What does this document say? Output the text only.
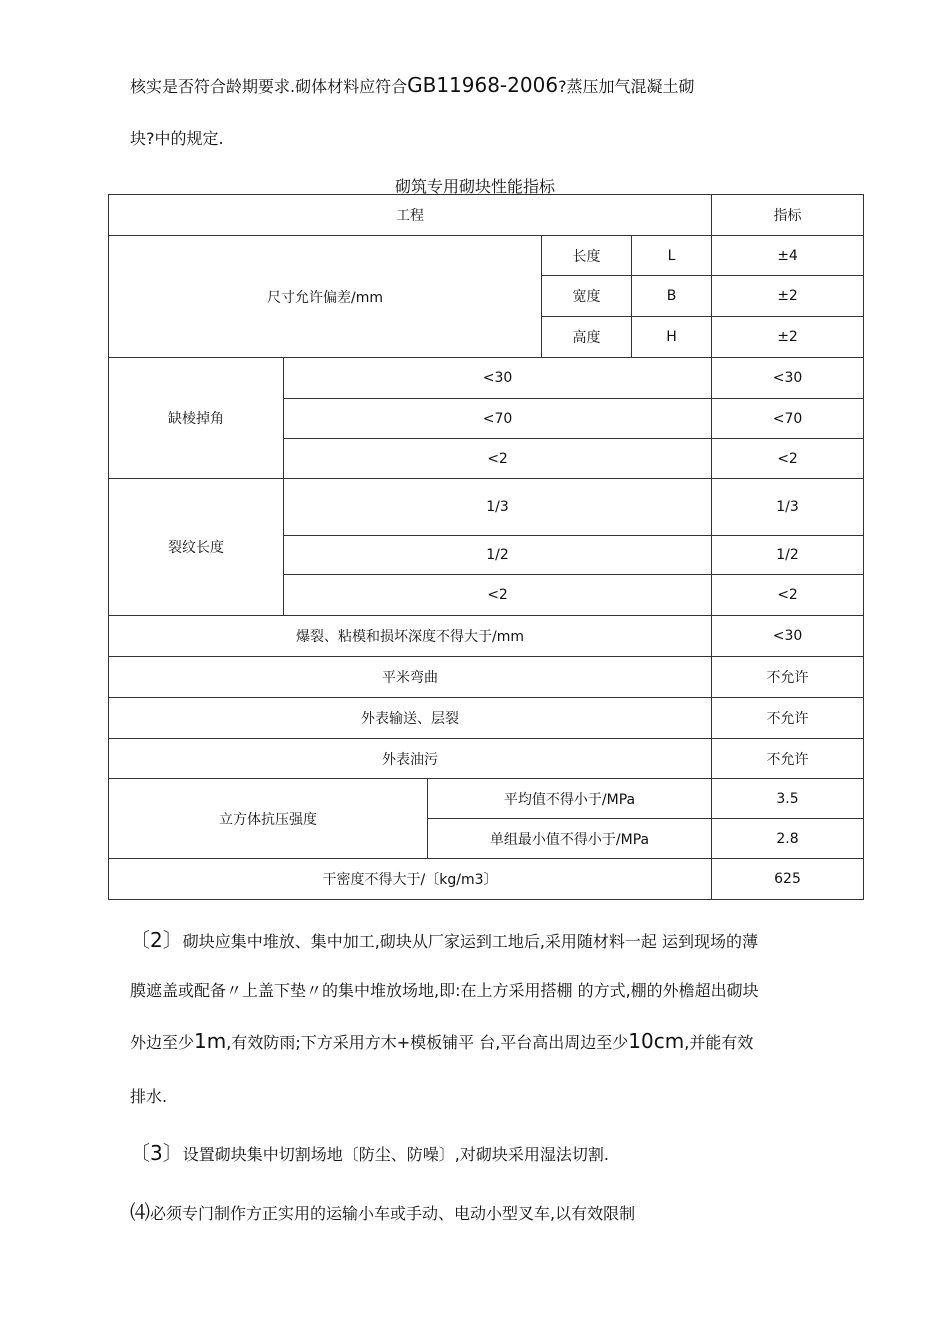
核实是否符合龄期要求.砌体材料应符合GB11968-2006?蒸压加气混凝土砌
块?中的规定.
砌筑专用砌块性能指标
工程					指标
尺寸允许偏差/mm			长度	L	±4
			宽度	B	±2
			高度	H	±2
缺棱掉角	<30				<30
	<70				<70
	<2				<2
裂纹长度	1/3				1/3
	1/2				1/2
	<2				<2
爆裂、粘模和损坏深度不得大于/mm					<30
平米弯曲					不允许
外表输送、层裂					不允许
外表油污					不允许
立方体抗压强度		平均值不得小于/MPa			3.5
		单组最小值不得小于/MPa			2.8
干密度不得大于/〔kg/m3〕					625
〔2〕砌块应集中堆放、集中加工,砌块从厂家运到工地后,采用随材料一起 运到现场的薄
膜遮盖或配备〃上盖下垫〃的集中堆放场地,即:在上方采用搭棚 的方式,棚的外檐超出砌块
外边至少1m,有效防雨;下方采用方木+模板铺平 台,平台高出周边至少10cm,并能有效
排水.
〔3〕设置砌块集中切割场地〔防尘、防噪〕,对砌块采用湿法切割.
⑷必须专门制作方正实用的运输小车或手动、电动小型叉车,以有效限制
